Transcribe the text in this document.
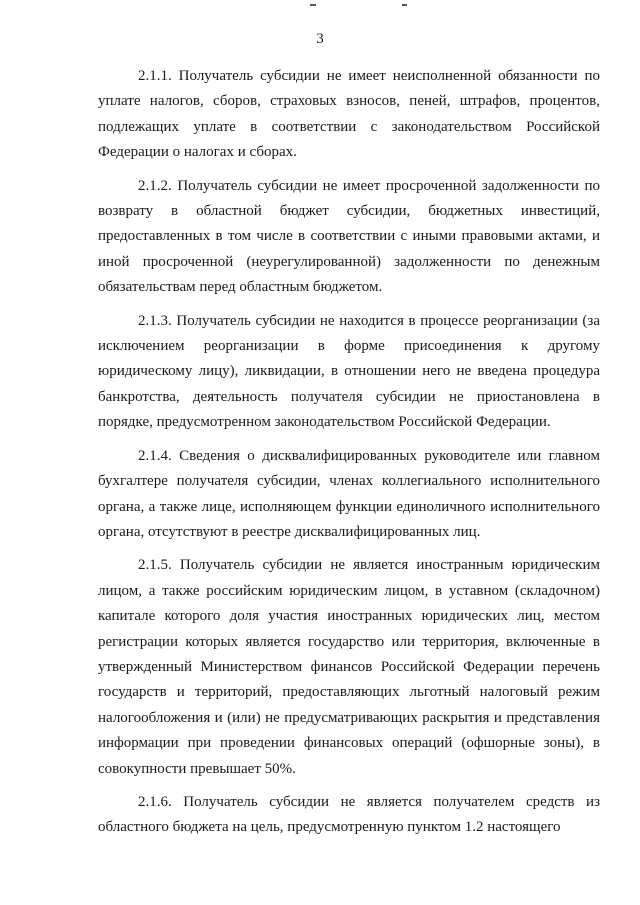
3

2.1.1. Получатель субсидии не имеет неисполненной обязанности по уплате налогов, сборов, страховых взносов, пеней, штрафов, процентов, подлежащих уплате в соответствии с законодательством Российской Федерации о налогах и сборах.

2.1.2. Получатель субсидии не имеет просроченной задолженности по возврату в областной бюджет субсидии, бюджетных инвестиций, предоставленных в том числе в соответствии с иными правовыми актами, и иной просроченной (неурегулированной) задолженности по денежным обязательствам перед областным бюджетом.

2.1.3. Получатель субсидии не находится в процессе реорганизации (за исключением реорганизации в форме присоединения к другому юридическому лицу), ликвидации, в отношении него не введена процедура банкротства, деятельность получателя субсидии не приостановлена в порядке, предусмотренном законодательством Российской Федерации.

2.1.4. Сведения о дисквалифицированных руководителе или главном бухгалтере получателя субсидии, членах коллегиального исполнительного органа, а также лице, исполняющем функции единоличного исполнительного органа, отсутствуют в реестре дисквалифицированных лиц.

2.1.5. Получатель субсидии не является иностранным юридическим лицом, а также российским юридическим лицом, в уставном (складочном) капитале которого доля участия иностранных юридических лиц, местом регистрации которых является государство или территория, включенные в утвержденный Министерством финансов Российской Федерации перечень государств и территорий, предоставляющих льготный налоговый режим налогообложения и (или) не предусматривающих раскрытия и представления информации при проведении финансовых операций (офшорные зоны), в совокупности превышает 50%.

2.1.6. Получатель субсидии не является получателем средств из областного бюджета на цель, предусмотренную пунктом 1.2 настоящего
